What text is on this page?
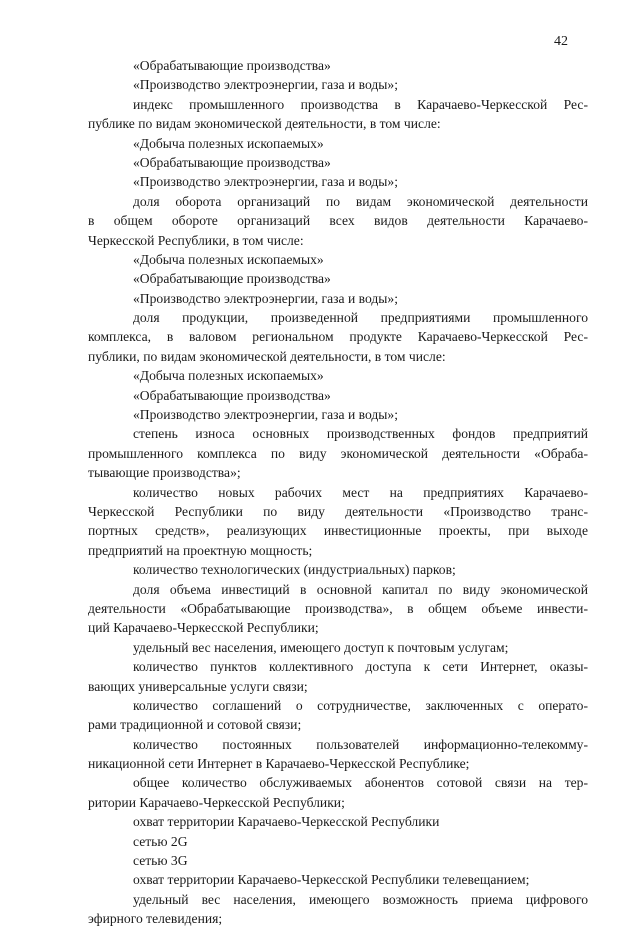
42
«Обрабатывающие производства»
«Производство электроэнергии, газа и воды»;
индекс промышленного производства в Карачаево-Черкесской Рес-
публике по видам экономической деятельности, в том числе:
«Добыча полезных ископаемых»
«Обрабатывающие производства»
«Производство электроэнергии, газа и воды»;
доля оборота организаций по видам экономической деятельности
в общем обороте организаций всех видов деятельности Карачаево-
Черкесской Республики, в том числе:
«Добыча полезных ископаемых»
«Обрабатывающие производства»
«Производство электроэнергии, газа и воды»;
доля продукции, произведенной предприятиями промышленного
комплекса, в валовом региональном продукте Карачаево-Черкесской Рес-
публики, по видам экономической деятельности, в том числе:
«Добыча полезных ископаемых»
«Обрабатывающие производства»
«Производство электроэнергии, газа и воды»;
степень износа основных производственных фондов предприятий
промышленного комплекса по виду экономической деятельности «Обраба-
тывающие производства»;
количество новых рабочих мест на предприятиях Карачаево-
Черкесской Республики по виду деятельности «Производство транс-
портных средств», реализующих инвестиционные проекты, при выходе
предприятий на проектную мощность;
количество технологических (индустриальных) парков;
доля объема инвестиций в основной капитал по виду экономической
деятельности «Обрабатывающие производства», в общем объеме инвести-
ций Карачаево-Черкесской Республики;
удельный вес населения, имеющего доступ к почтовым услугам;
количество пунктов коллективного доступа к сети Интернет, оказы-
вающих универсальные услуги связи;
количество соглашений о сотрудничестве, заключенных с операто-
рами традиционной и сотовой связи;
количество постоянных пользователей информационно-телекомму-
никационной сети Интернет в Карачаево-Черкесской Республике;
общее количество обслуживаемых абонентов сотовой связи на тер-
ритории Карачаево-Черкесской Республики;
охват территории Карачаево-Черкесской Республики
сетью 2G
сетью 3G
охват территории Карачаево-Черкесской Республики телевещанием;
удельный вес населения, имеющего возможность приема цифрового
эфирного телевидения;
